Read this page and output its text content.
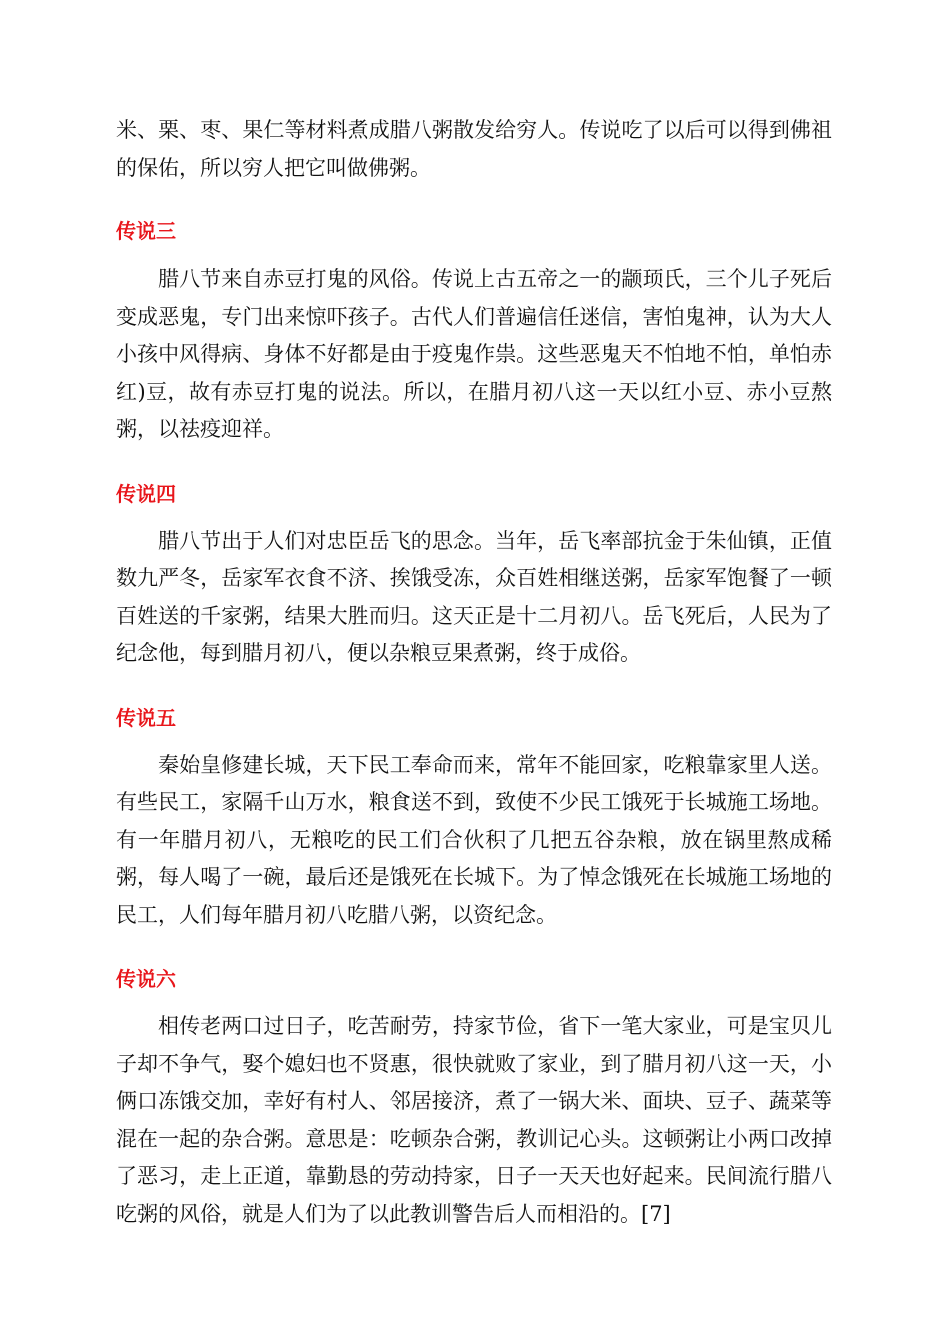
米、栗、枣、果仁等材料煮成腊八粥散发给穷人。传说吃了以后可以得到佛祖的保佑，所以穷人把它叫做佛粥。

传说三

腊八节来自赤豆打鬼的风俗。传说上古五帝之一的颛顼氏，三个儿子死后变成恶鬼，专门出来惊吓孩子。古代人们普遍信任迷信，害怕鬼神，认为大人小孩中风得病、身体不好都是由于疫鬼作祟。这些恶鬼天不怕地不怕，单怕赤红)豆，故有赤豆打鬼的说法。所以，在腊月初八这一天以红小豆、赤小豆熬粥，以祛疫迎祥。

传说四

腊八节出于人们对忠臣岳飞的思念。当年，岳飞率部抗金于朱仙镇，正值数九严冬，岳家军衣食不济、挨饿受冻，众百姓相继送粥，岳家军饱餐了一顿百姓送的千家粥，结果大胜而归。这天正是十二月初八。岳飞死后，人民为了纪念他，每到腊月初八，便以杂粮豆果煮粥，终于成俗。

传说五

秦始皇修建长城，天下民工奉命而来，常年不能回家，吃粮靠家里人送。有些民工，家隔千山万水，粮食送不到，致使不少民工饿死于长城施工场地。有一年腊月初八，无粮吃的民工们合伙积了几把五谷杂粮，放在锅里熬成稀粥，每人喝了一碗，最后还是饿死在长城下。为了悼念饿死在长城施工场地的民工，人们每年腊月初八吃腊八粥，以资纪念。

传说六

相传老两口过日子，吃苦耐劳，持家节俭，省下一笔大家业，可是宝贝儿子却不争气，娶个媳妇也不贤惠，很快就败了家业，到了腊月初八这一天，小俩口冻饿交加，幸好有村人、邻居接济，煮了一锅大米、面块、豆子、蔬菜等混在一起的杂合粥。意思是：吃顿杂合粥，教训记心头。这顿粥让小两口改掉了恶习，走上正道，靠勤恳的劳动持家，日子一天天也好起来。民间流行腊八吃粥的风俗，就是人们为了以此教训警告后人而相沿的。[7]
